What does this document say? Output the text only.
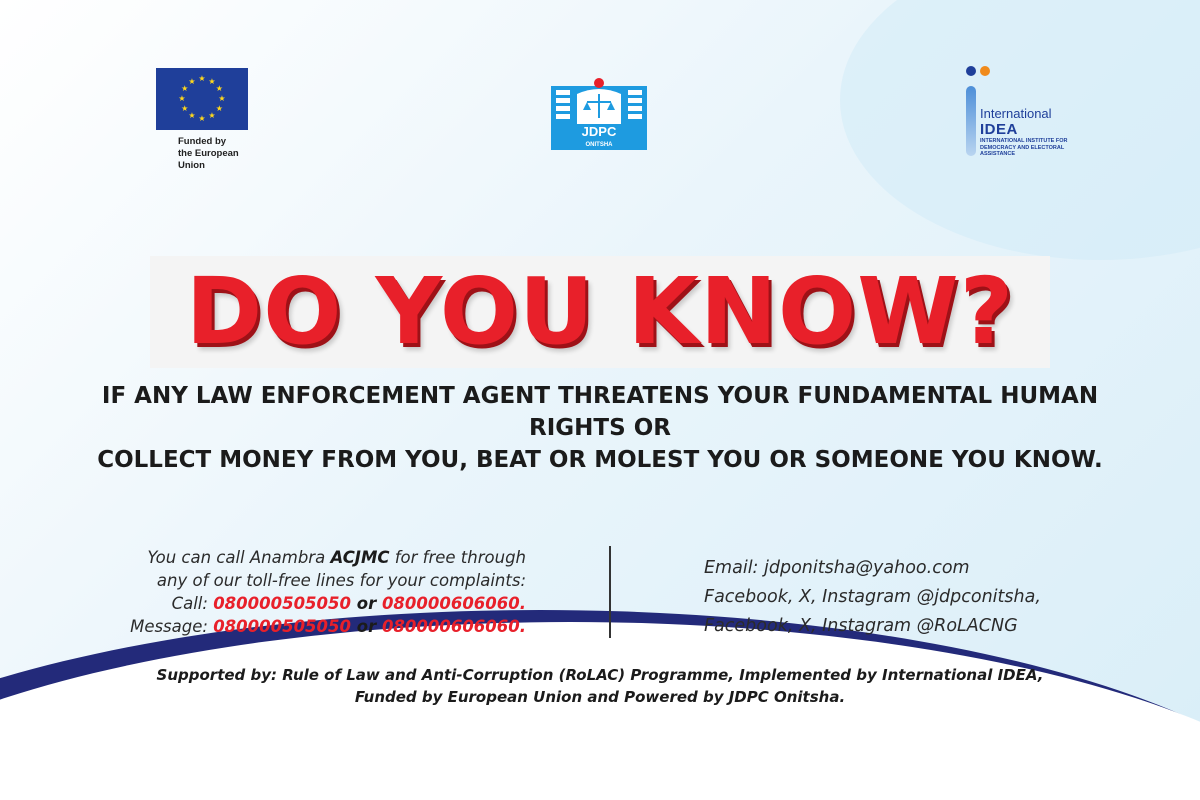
★ ★
★
★
★
★
★
★
★
★
★
★
Funded by
the European Union
JDPC
ONITSHA
International
IDEA
INTERNATIONAL INSTITUTE FOR DEMOCRACY AND ELECTORAL ASSISTANCE
DO YOU KNOW?
IF ANY LAW ENFORCEMENT AGENT THREATENS YOUR FUNDAMENTAL HUMAN RIGHTS OR
COLLECT MONEY FROM YOU, BEAT OR MOLEST YOU OR SOMEONE YOU KNOW.
You can call Anambra ACJMC for free through
any of our toll-free lines for your complaints:
Call: 080000505050 or 080000606060.
Message: 080000505050 or 080000606060.
Email: jdponitsha@yahoo.com
Facebook, X, Instagram @jdpconitsha,
Facebook, X, Instagram @RoLACNG
Supported by: Rule of Law and Anti-Corruption (RoLAC) Programme, Implemented by International IDEA,
Funded by European Union and Powered by JDPC Onitsha.
